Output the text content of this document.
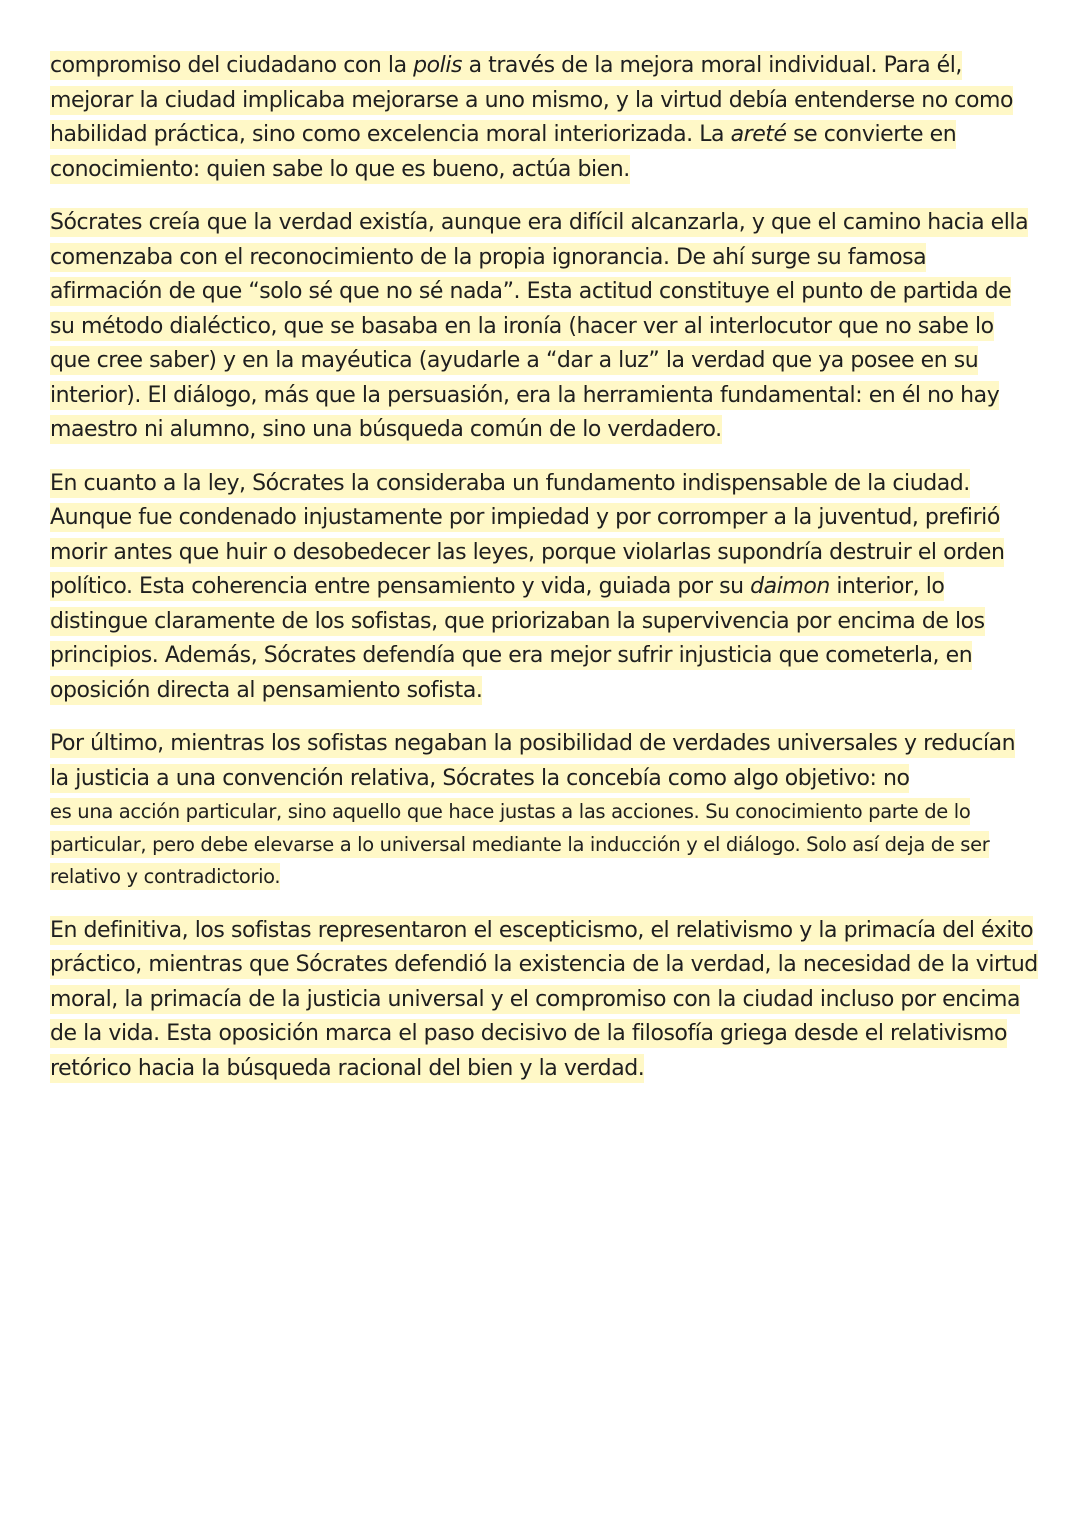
compromiso del ciudadano con la polis a través de la mejora moral individual. Para él, mejorar la ciudad implicaba mejorarse a uno mismo, y la virtud debía entenderse no como habilidad práctica, sino como excelencia moral interiorizada. La areté se convierte en conocimiento: quien sabe lo que es bueno, actúa bien.

Sócrates creía que la verdad existía, aunque era difícil alcanzarla, y que el camino hacia ella comenzaba con el reconocimiento de la propia ignorancia. De ahí surge su famosa afirmación de que “solo sé que no sé nada”. Esta actitud constituye el punto de partida de su método dialéctico, que se basaba en la ironía (hacer ver al interlocutor que no sabe lo que cree saber) y en la mayéutica (ayudarle a “dar a luz” la verdad que ya posee en su interior). El diálogo, más que la persuasión, era la herramienta fundamental: en él no hay maestro ni alumno, sino una búsqueda común de lo verdadero.

En cuanto a la ley, Sócrates la consideraba un fundamento indispensable de la ciudad. Aunque fue condenado injustamente por impiedad y por corromper a la juventud, prefirió morir antes que huir o desobedecer las leyes, porque violarlas supondría destruir el orden político. Esta coherencia entre pensamiento y vida, guiada por su daimon interior, lo distingue claramente de los sofistas, que priorizaban la supervivencia por encima de los principios. Además, Sócrates defendía que era mejor sufrir injusticia que cometerla, en oposición directa al pensamiento sofista.

Por último, mientras los sofistas negaban la posibilidad de verdades universales y reducían la justicia a una convención relativa, Sócrates la concebía como algo objetivo: no

es una acción particular, sino aquello que hace justas a las acciones. Su conocimiento parte de lo particular, pero debe elevarse a lo universal mediante la inducción y el diálogo. Solo así deja de ser relativo y contradictorio.

En definitiva, los sofistas representaron el escepticismo, el relativismo y la primacía del éxito práctico, mientras que Sócrates defendió la existencia de la verdad, la necesidad de la virtud moral, la primacía de la justicia universal y el compromiso con la ciudad incluso por encima de la vida. Esta oposición marca el paso decisivo de la filosofía griega desde el relativismo retórico hacia la búsqueda racional del bien y la verdad.
